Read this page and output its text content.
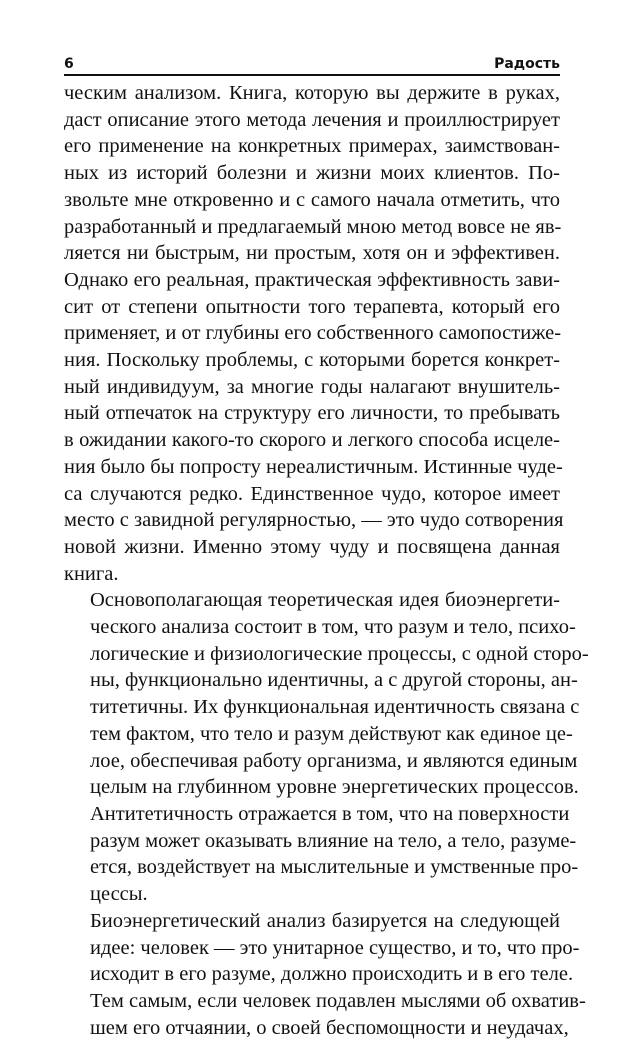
6	Радость

ческим анализом. Книга, которую вы держите в руках,
даст описание этого метода лечения и проиллюстрирует
его применение на конкретных примерах, заимствован-
ных из историй болезни и жизни моих клиентов. По-
звольте мне откровенно и с самого начала отметить, что
разработанный и предлагаемый мною метод вовсе не яв-
ляется ни быстрым, ни простым, хотя он и эффективен.
Однако его реальная, практическая эффективность зави-
сит от степени опытности того терапевта, который его
применяет, и от глубины его собственного самопостиже-
ния. Поскольку проблемы, с которыми борется конкрет-
ный индивидуум, за многие годы налагают внушитель-
ный отпечаток на структуру его личности, то пребывать
в ожидании какого-то скорого и легкого способа исцеле-
ния было бы попросту нереалистичным. Истинные чуде-
са случаются редко. Единственное чудо, которое имеет
место с завидной регулярностью, — это чудо сотворения
новой жизни. Именно этому чуду и посвящена данная
книга.

Основополагающая теоретическая идея биоэнергети-
ческого анализа состоит в том, что разум и тело, психо-
логические и физиологические процессы, с одной сторо-
ны, функционально идентичны, а с другой стороны, ан-
титетичны. Их функциональная идентичность связана с
тем фактом, что тело и разум действуют как единое це-
лое, обеспечивая работу организма, и являются единым
целым на глубинном уровне энергетических процессов.
Антитетичность отражается в том, что на поверхности
разум может оказывать влияние на тело, а тело, разуме-
ется, воздействует на мыслительные и умственные про-
цессы.

Биоэнергетический анализ базируется на следующей
идее: человек — это унитарное существо, и то, что про-
исходит в его разуме, должно происходить и в его теле.
Тем самым, если человек подавлен мыслями об охватив-
шем его отчаянии, о своей беспомощности и неудачах,
